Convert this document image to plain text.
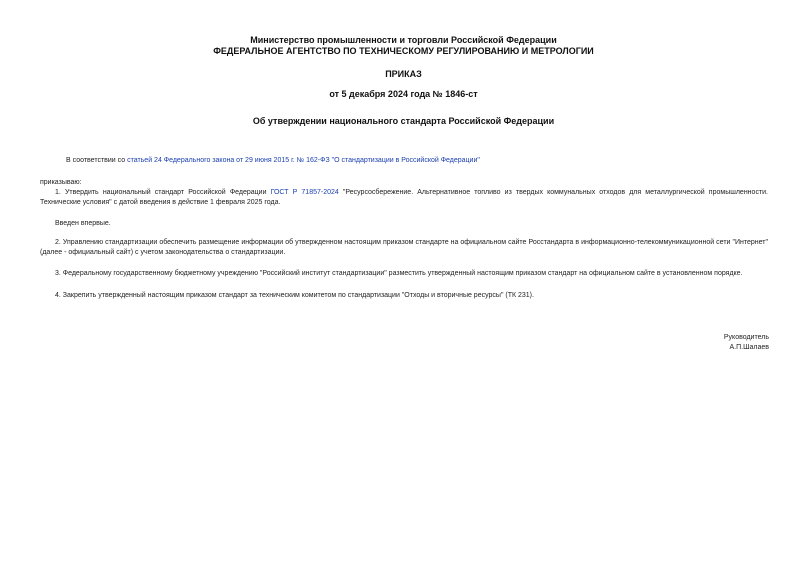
Министерство промышленности и торговли Российской Федерации
ФЕДЕРАЛЬНОЕ АГЕНТСТВО ПО ТЕХНИЧЕСКОМУ РЕГУЛИРОВАНИЮ И МЕТРОЛОГИИ
ПРИКАЗ
от 5 декабря 2024 года № 1846-ст
Об утверждении национального стандарта Российской Федерации
В соответствии со статьей 24 Федерального закона от 29 июня 2015 г. № 162-ФЗ "О стандартизации в Российской Федерации"
приказываю:
1. Утвердить национальный стандарт Российской Федерации ГОСТ Р 71857-2024 "Ресурсосбережение. Альтернативное топливо из твердых коммунальных отходов для металлургической промышленности. Технические условия" с датой введения в действие 1 февраля 2025 года.
Введен впервые.
2. Управлению стандартизации обеспечить размещение информации об утвержденном настоящим приказом стандарте на официальном сайте Росстандарта в информационно-телекоммуникационной сети "Интернет" (далее - официальный сайт) с учетом законодательства о стандартизации.
3. Федеральному государственному бюджетному учреждению "Российский институт стандартизации" разместить утвержденный настоящим приказом стандарт на официальном сайте в установленном порядке.
4. Закрепить утвержденный настоящим приказом стандарт за техническим комитетом по стандартизации "Отходы и вторичные ресурсы" (ТК 231).
Руководитель
А.П.Шалаев
